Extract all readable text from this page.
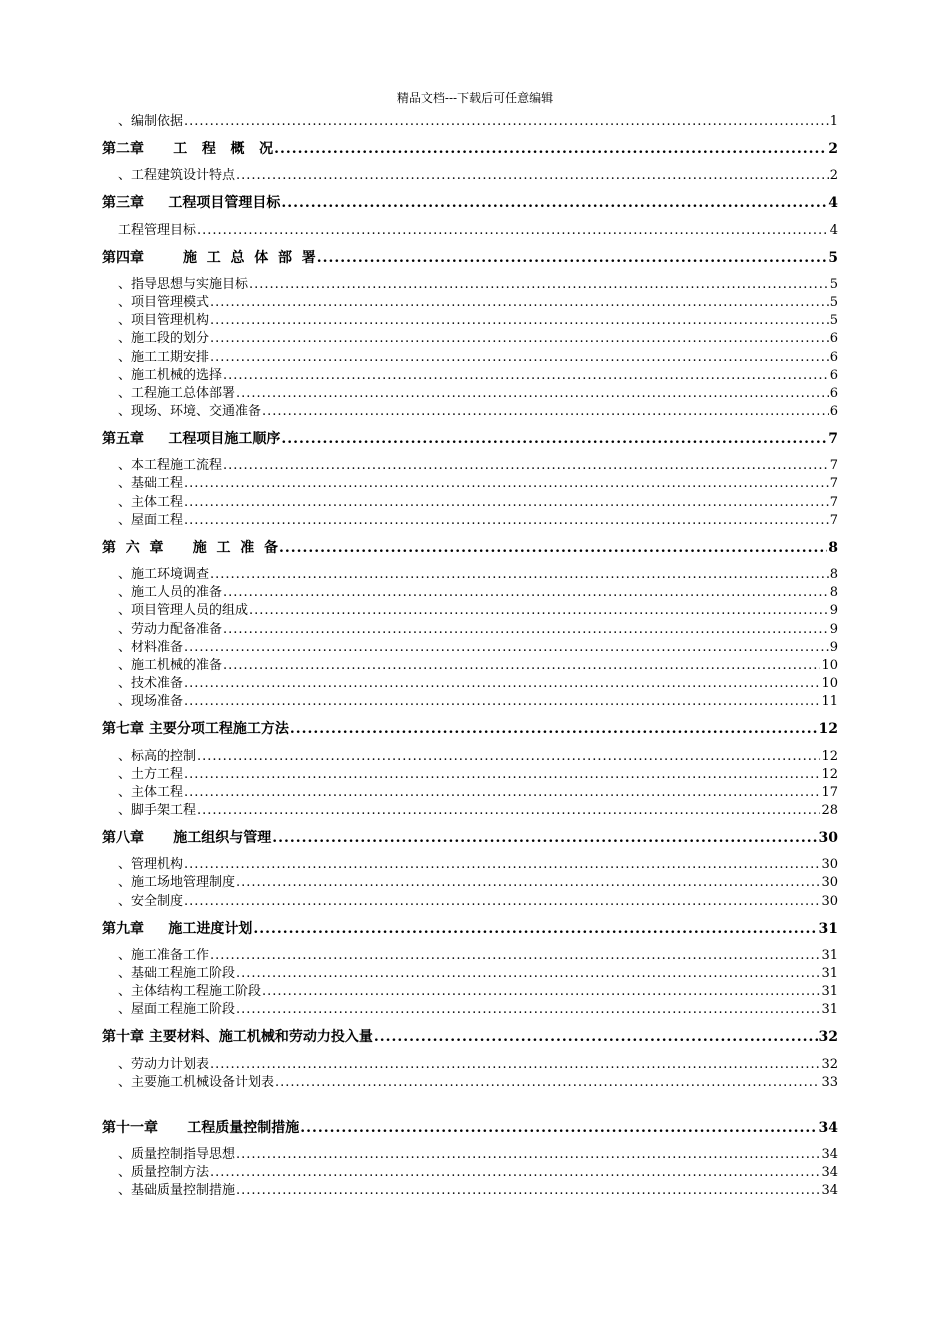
精品文档---下载后可任意编辑
、编制依据 .....	1
第二章      工   程   概   况 .....	2
、工程建筑设计特点 .....	2
第三章     工程项目管理目标 .....	4
工程管理目标 .....	4
第四章        施  工  总  体  部  署 .....	5
、指导思想与实施目标 .....	5
、项目管理模式 .....	5
、项目管理机构 .....	5
、施工段的划分 .....	6
、施工工期安排 .....	6
、施工机械的选择 .....	6
、工程施工总体部署 .....	6
、现场、环境、交通准备 .....	6
第五章     工程项目施工顺序 .....	7
、本工程施工流程 .....	7
、基础工程 .....	7
、主体工程 .....	7
、屋面工程 .....	7
第  六  章      施  工  准  备 .....	8
、施工环境调查 .....	8
、施工人员的准备 .....	8
、项目管理人员的组成 .....	9
、劳动力配备准备 .....	9
、材料准备 .....	9
、施工机械的准备 .....	10
、技术准备 .....	10
、现场准备 .....	11
第七章 主要分项工程施工方法 .....	12
、标高的控制 .....	12
、土方工程 .....	12
、主体工程 .....	17
、脚手架工程 .....	28
第八章      施工组织与管理 .....	30
、管理机构 .....	30
、施工场地管理制度 .....	30
、安全制度 .....	30
第九章     施工进度计划 .....	31
、施工准备工作 .....	31
、基础工程施工阶段 .....	31
、主体结构工程施工阶段 .....	31
、屋面工程施工阶段 .....	31
第十章 主要材料、施工机械和劳动力投入量 .....	32
、劳动力计划表 .....	32
、主要施工机械设备计划表 .....	33
第十一章      工程质量控制措施 .....	34
、质量控制指导思想 .....	34
、质量控制方法 .....	34
、基础质量控制措施 .....	34
